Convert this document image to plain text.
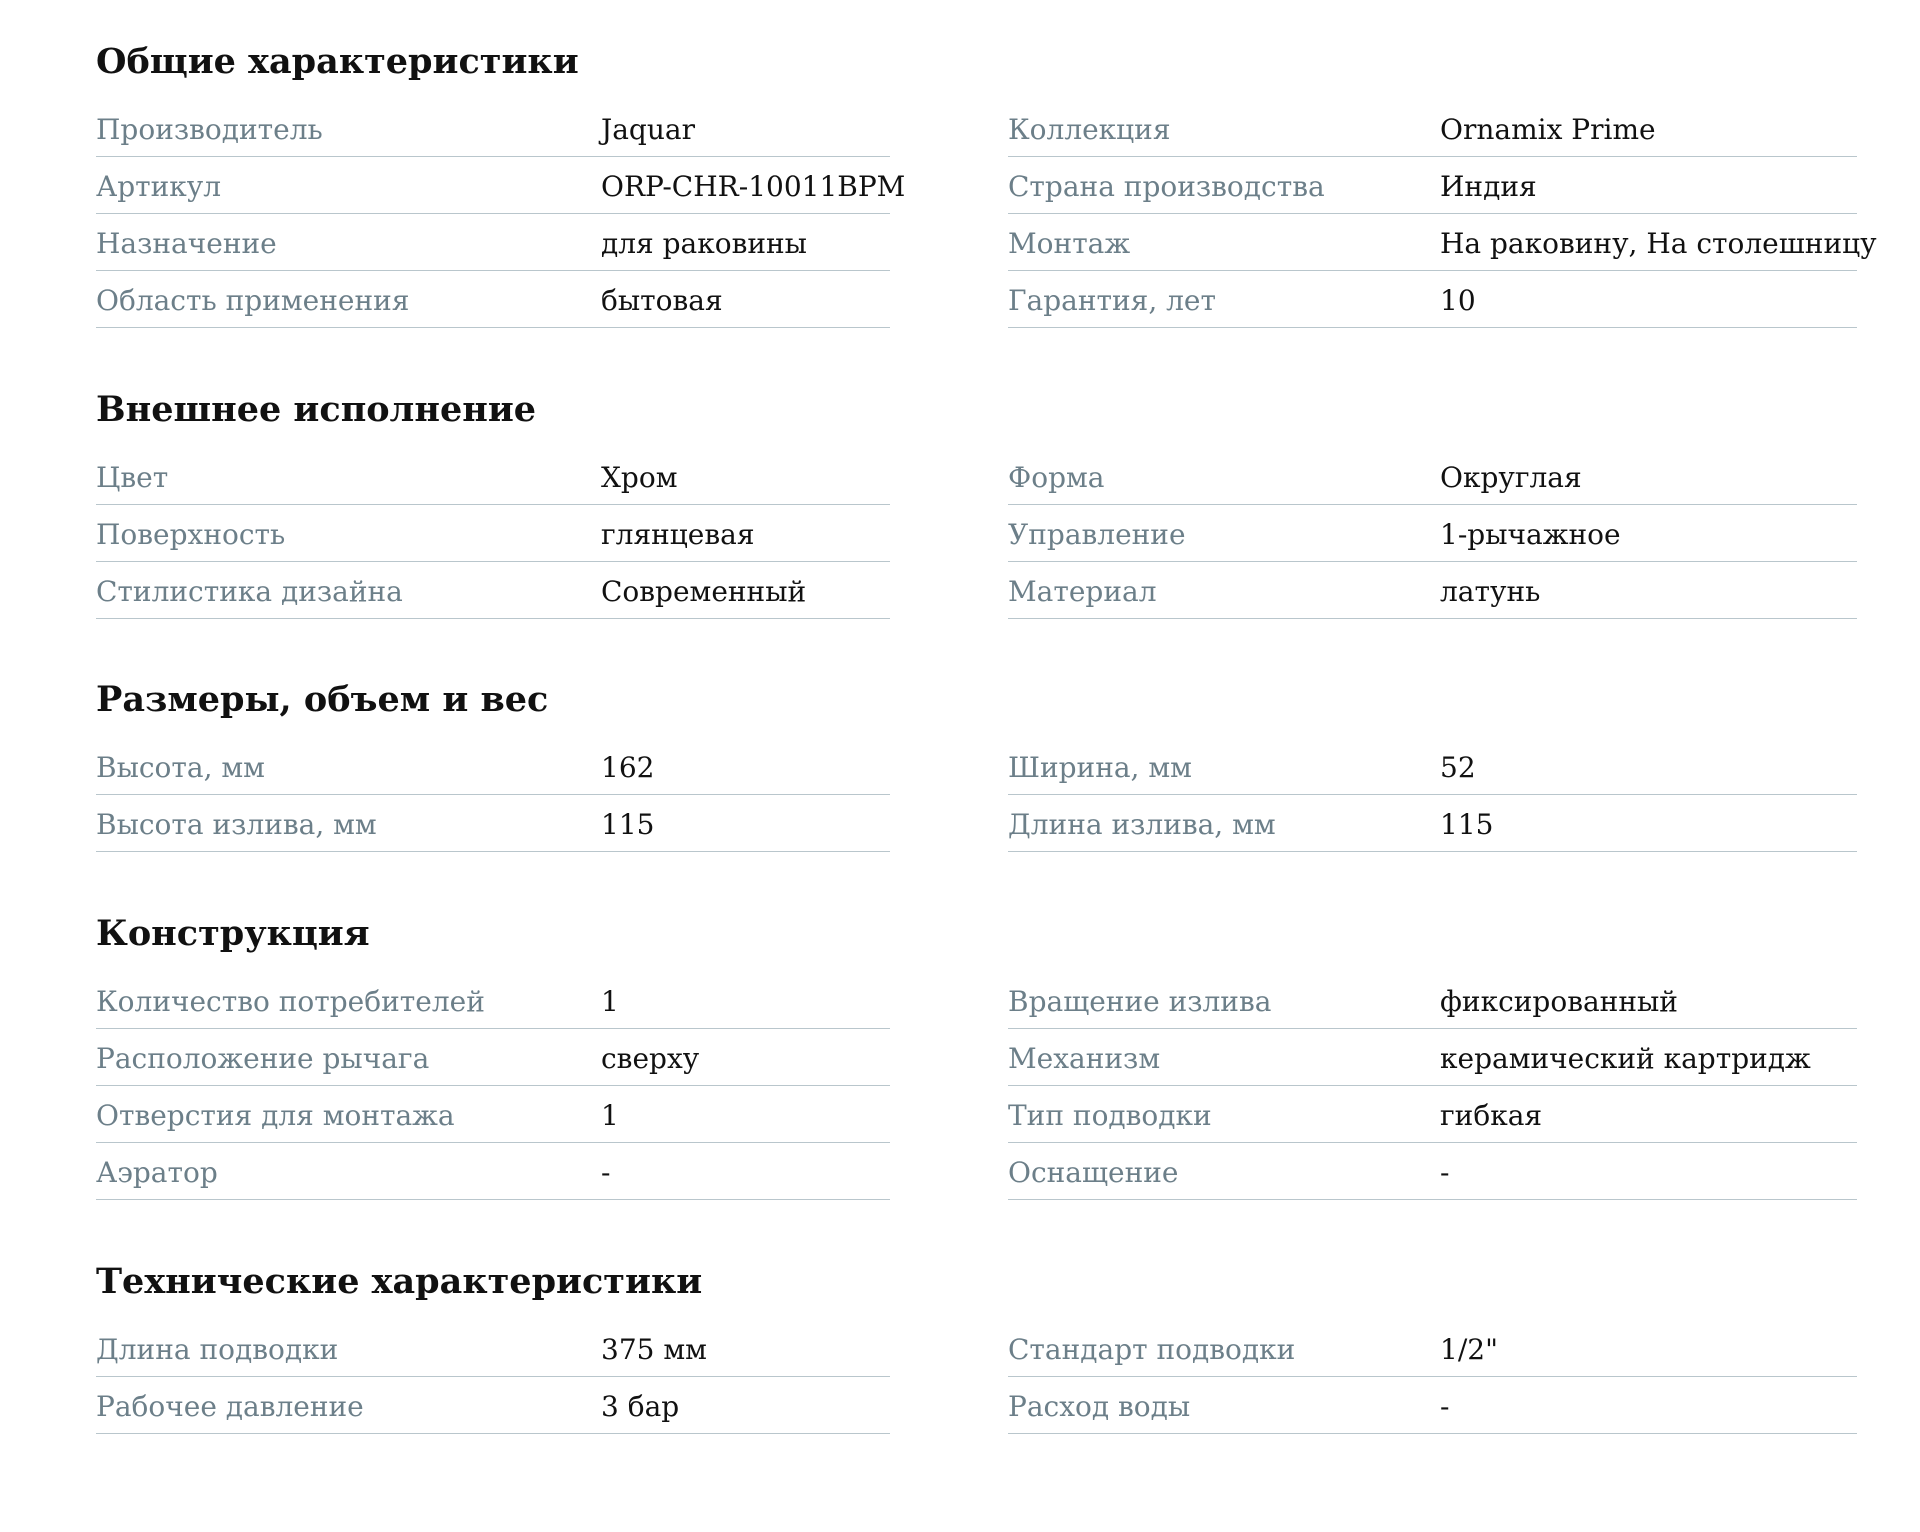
Общие характеристики
Производитель	Jaquar
Артикул	ORP-CHR-10011BPM
Назначение	для раковины
Область применения	бытовая
Коллекция	Ornamix Prime
Страна производства	Индия
Монтаж	На раковину, На столешницу
Гарантия, лет	10
Внешнее исполнение
Цвет	Хром
Поверхность	глянцевая
Стилистика дизайна	Современный
Форма	Округлая
Управление	1-рычажное
Материал	латунь
Размеры, объем и вес
Высота, мм	162
Высота излива, мм	115
Ширина, мм	52
Длина излива, мм	115
Конструкция
Количество потребителей	1
Расположение рычага	сверху
Отверстия для монтажа	1
Аэратор	-
Вращение излива	фиксированный
Механизм	керамический картридж
Тип подводки	гибкая
Оснащение	-
Технические характеристики
Длина подводки	375 мм
Рабочее давление	3 бар
Стандарт подводки	1/2"
Расход воды	-
